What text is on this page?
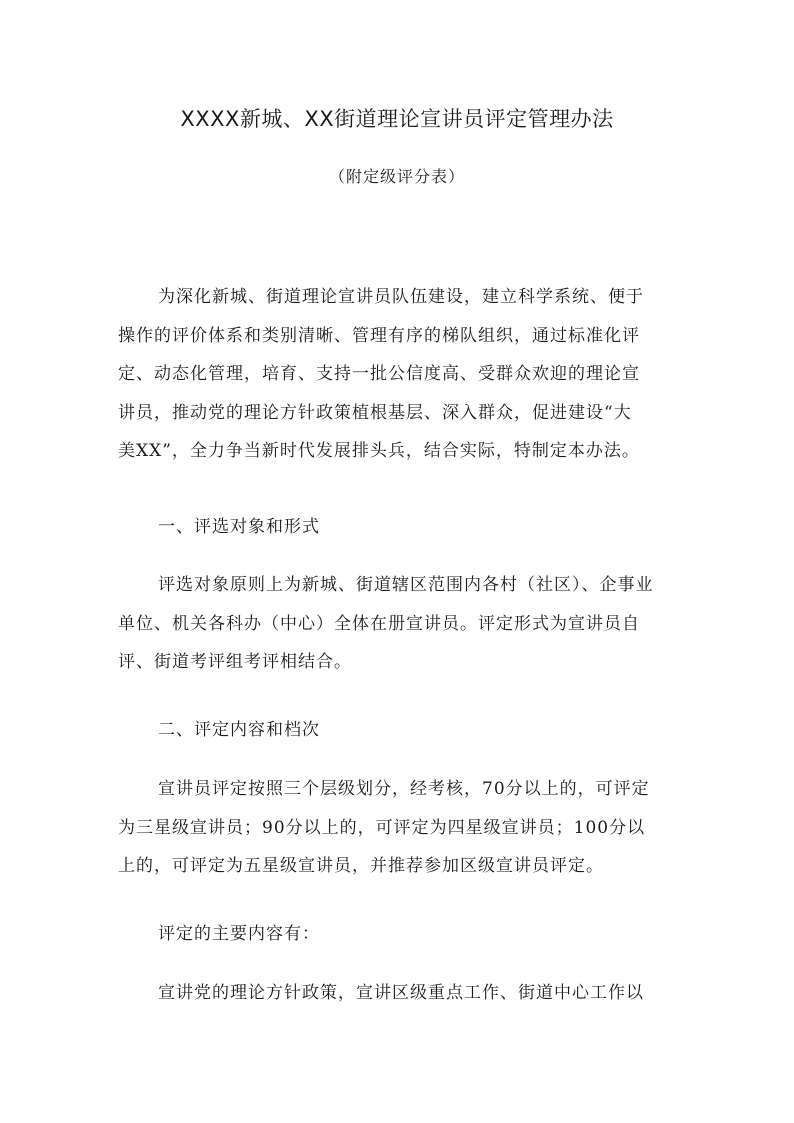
XXXX新城、XX街道理论宣讲员评定管理办法
（附定级评分表）
为深化新城、街道理论宣讲员队伍建设，建立科学系统、便于
操作的评价体系和类别清晰、管理有序的梯队组织，通过标准化评
定、动态化管理，培育、支持一批公信度高、受群众欢迎的理论宣
讲员，推动党的理论方针政策植根基层、深入群众，促进建设“大
美XX”，全力争当新时代发展排头兵，结合实际，特制定本办法。
一、评选对象和形式
评选对象原则上为新城、街道辖区范围内各村（社区）、企事业
单位、机关各科办（中心）全体在册宣讲员。评定形式为宣讲员自
评、街道考评组考评相结合。
二、评定内容和档次
宣讲员评定按照三个层级划分，经考核，70分以上的，可评定
为三星级宣讲员；90分以上的，可评定为四星级宣讲员；100分以
上的，可评定为五星级宣讲员，并推荐参加区级宣讲员评定。
评定的主要内容有：
宣讲党的理论方针政策，宣讲区级重点工作、街道中心工作以
